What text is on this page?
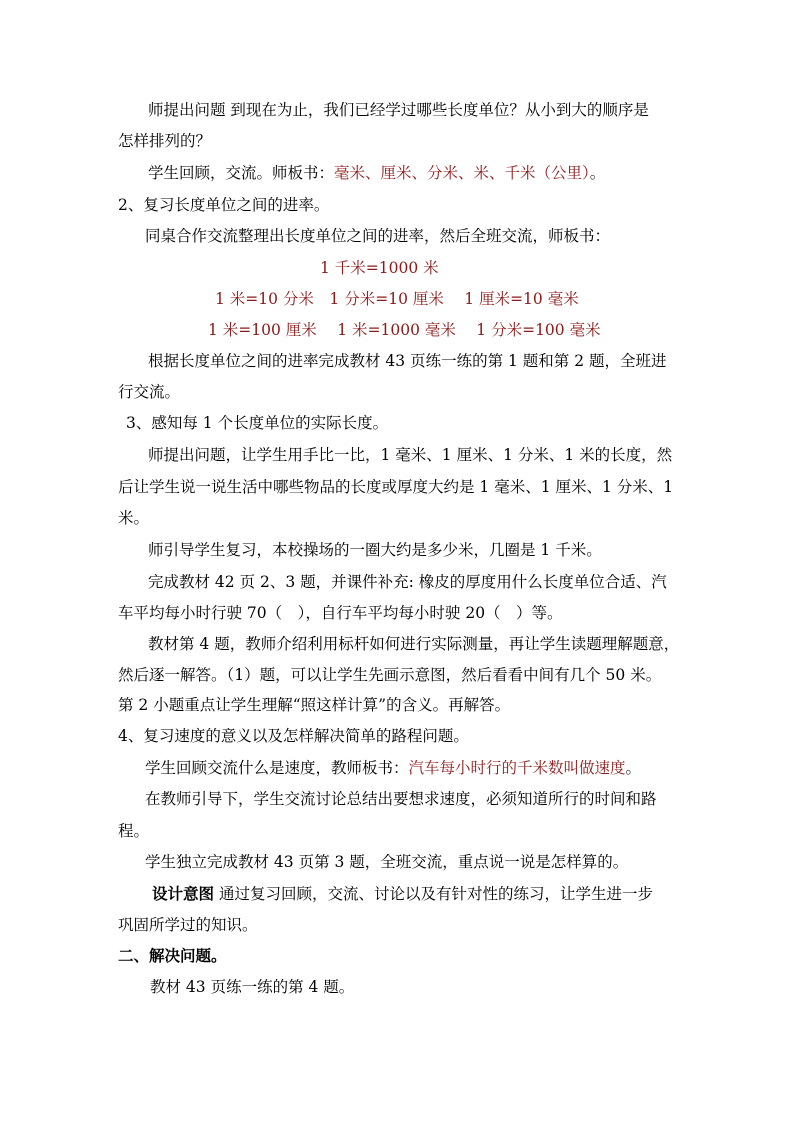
师提出问题 到现在为止，我们已经学过哪些长度单位？从小到大的顺序是
怎样排列的？
学生回顾，交流。师板书：毫米、厘米、分米、米、千米（公里）。
2、复习长度单位之间的进率。
同桌合作交流整理出长度单位之间的进率，然后全班交流，师板书：
1 千米=1000 米
1 米=10 分米　1 分米=10 厘米　 1 厘米=10 毫米
1 米=100 厘米　 1 米=1000 毫米　 1 分米=100 毫米
根据长度单位之间的进率完成教材 43 页练一练的第 1 题和第 2 题，全班进
行交流。
3、感知每 1 个长度单位的实际长度。
师提出问题，让学生用手比一比，1 毫米、1 厘米、1 分米、1 米的长度，然
后让学生说一说生活中哪些物品的长度或厚度大约是 1 毫米、1 厘米、1 分米、1
米。
师引导学生复习，本校操场的一圈大约是多少米，几圈是 1 千米。
完成教材 42 页 2、3 题，并课件补充: 橡皮的厚度用什么长度单位合适、汽
车平均每小时行驶 70（　），自行车平均每小时驶 20（　）等。
教材第 4 题，教师介绍利用标杆如何进行实际测量，再让学生读题理解题意，
然后逐一解答。（1）题，可以让学生先画示意图，然后看看中间有几个 50 米。
第 2 小题重点让学生理解“照这样计算”的含义。再解答。
4、复习速度的意义以及怎样解决简单的路程问题。
学生回顾交流什么是速度，教师板书：汽车每小时行的千米数叫做速度。
在教师引导下，学生交流讨论总结出要想求速度，必须知道所行的时间和路
程。
学生独立完成教材 43 页第 3 题，全班交流，重点说一说是怎样算的。
设计意图 通过复习回顾，交流、讨论以及有针对性的练习，让学生进一步
巩固所学过的知识。
二、解决问题。
教材 43 页练一练的第 4 题。
